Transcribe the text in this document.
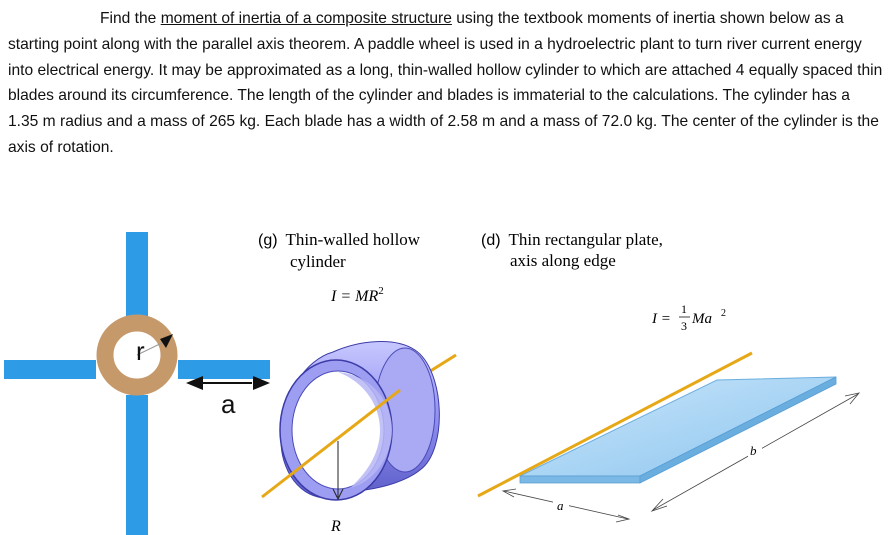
Find the moment of inertia of a composite structure using the textbook moments of inertia shown below as a starting point along with the parallel axis theorem. A paddle wheel is used in a hydroelectric plant to turn river current energy into electrical energy. It may be approximated as a long, thin-walled hollow cylinder to which are attached 4 equally spaced thin blades around its circumference. The length of the cylinder and blades is immaterial to the calculations. The cylinder has a 1.35 m radius and a mass of 265 kg. Each blade has a width of 2.58 m and a mass of 72.0 kg. The center of the cylinder is the axis of rotation.

r
a
(g) Thin-walled hollow
cylinder
$I = MR^2$
R
(d) Thin rectangular plate,
axis along edge
I =
1
3 Ma 2
a
b
